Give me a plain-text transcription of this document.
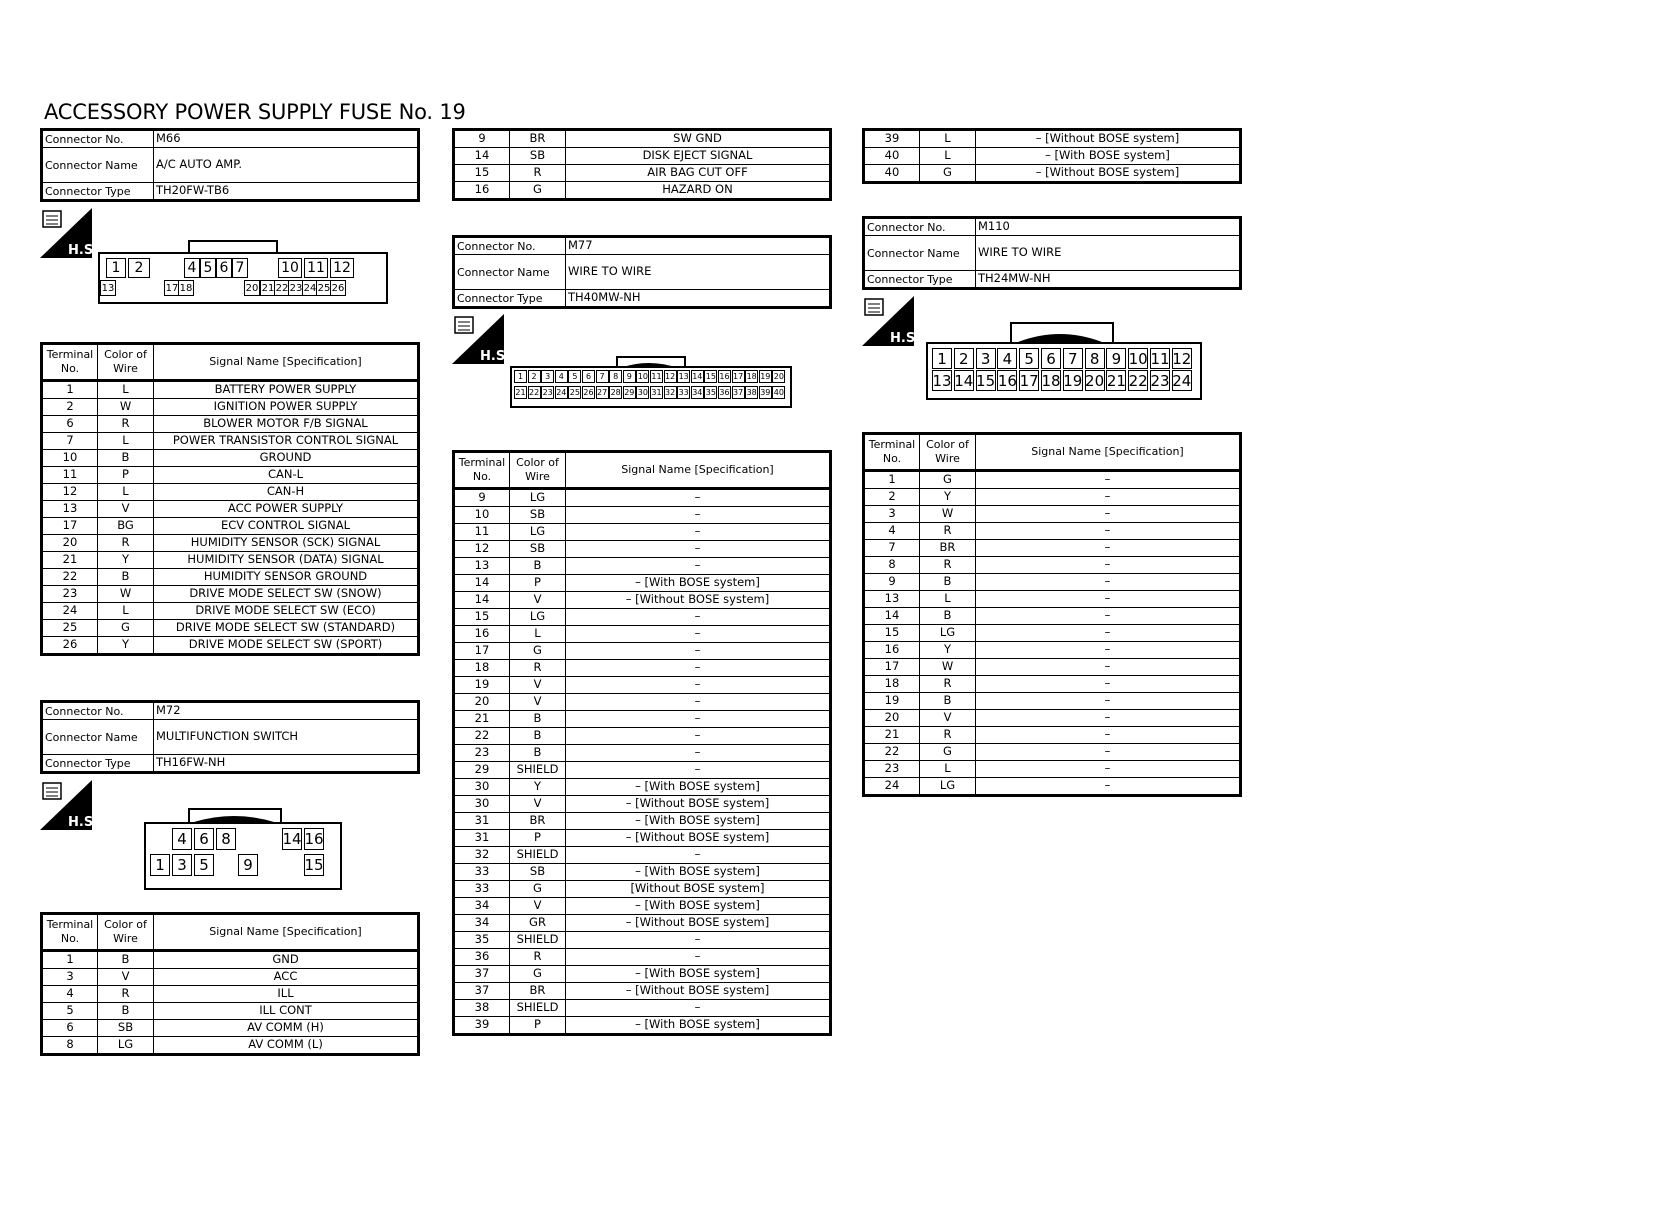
ACCESSORY POWER SUPPLY FUSE No. 19
Connector No.	M66
Connector Name	A/C AUTO AMP.
Connector Type	TH20FW-TB6
H.S.
1	2	4 5 6 7	10 11 12
13	17 18	20 21 22 23 24 25 26
Terminal No.	Color of Wire	Signal Name [Specification]
1	L	BATTERY POWER SUPPLY
2	W	IGNITION POWER SUPPLY
6	R	BLOWER MOTOR F/B SIGNAL
7	L	POWER TRANSISTOR CONTROL SIGNAL
10	B	GROUND
11	P	CAN-L
12	L	CAN-H
13	V	ACC POWER SUPPLY
17	BG	ECV CONTROL SIGNAL
20	R	HUMIDITY SENSOR (SCK) SIGNAL
21	Y	HUMIDITY SENSOR (DATA) SIGNAL
22	B	HUMIDITY SENSOR GROUND
23	W	DRIVE MODE SELECT SW (SNOW)
24	L	DRIVE MODE SELECT SW (ECO)
25	G	DRIVE MODE SELECT SW (STANDARD)
26	Y	DRIVE MODE SELECT SW (SPORT)
Connector No.	M72
Connector Name	MULTIFUNCTION SWITCH
Connector Type	TH16FW-NH
H.S.
4 6 8	14 16
1 3 5	9	15
Terminal No.	Color of Wire	Signal Name [Specification]
1	B	GND
3	V	ACC
4	R	ILL
5	B	ILL CONT
6	SB	AV COMM (H)
8	LG	AV COMM (L)
9	BR	SW GND
14	SB	DISK EJECT SIGNAL
15	R	AIR BAG CUT OFF
16	G	HAZARD ON
Connector No.	M77
Connector Name	WIRE TO WIRE
Connector Type	TH40MW-NH
H.S.
1	2	3	4	5	6	7	8	9 10 11 12 13 14 15 16 17 18 19 20
21 22 23 24 25 26 27 28 29 30 31 32 33 34 35 36 37 38 39 40
Terminal No.	Color of Wire	Signal Name [Specification]
9	LG	–
10	SB	–
11	LG	–
12	SB	–
13	B	–
14	P	– [With BOSE system]
14	V	– [Without BOSE system]
15	LG	–
16	L	–
17	G	–
18	R	–
19	V	–
20	V	–
21	B	–
22	B	–
23	B	–
29	SHIELD	–
30	Y	– [With BOSE system]
30	V	– [Without BOSE system]
31	BR	– [With BOSE system]
31	P	– [Without BOSE system]
32	SHIELD	–
33	SB	– [With BOSE system]
33	G	[Without BOSE system]
34	V	– [With BOSE system]
34	GR	– [Without BOSE system]
35	SHIELD	–
36	R	–
37	G	– [With BOSE system]
37	BR	– [Without BOSE system]
38	SHIELD	–
39	P	– [With BOSE system]
39	L	– [Without BOSE system]
40	L	– [With BOSE system]
40	G	– [Without BOSE system]
Connector No.	M110
Connector Name	WIRE TO WIRE
Connector Type	TH24MW-NH
H.S.
1 2 3 4 5 6 7 8 9 10 11 12
13 14 15 16 17 18 19 20 21 22 23 24
Terminal No.	Color of Wire	Signal Name [Specification]
1	G	–
2	Y	–
3	W	–
4	R	–
7	BR	–
8	R	–
9	B	–
13	L	–
14	B	–
15	LG	–
16	Y	–
17	W	–
18	R	–
19	B	–
20	V	–
21	R	–
22	G	–
23	L	–
24	LG	–
